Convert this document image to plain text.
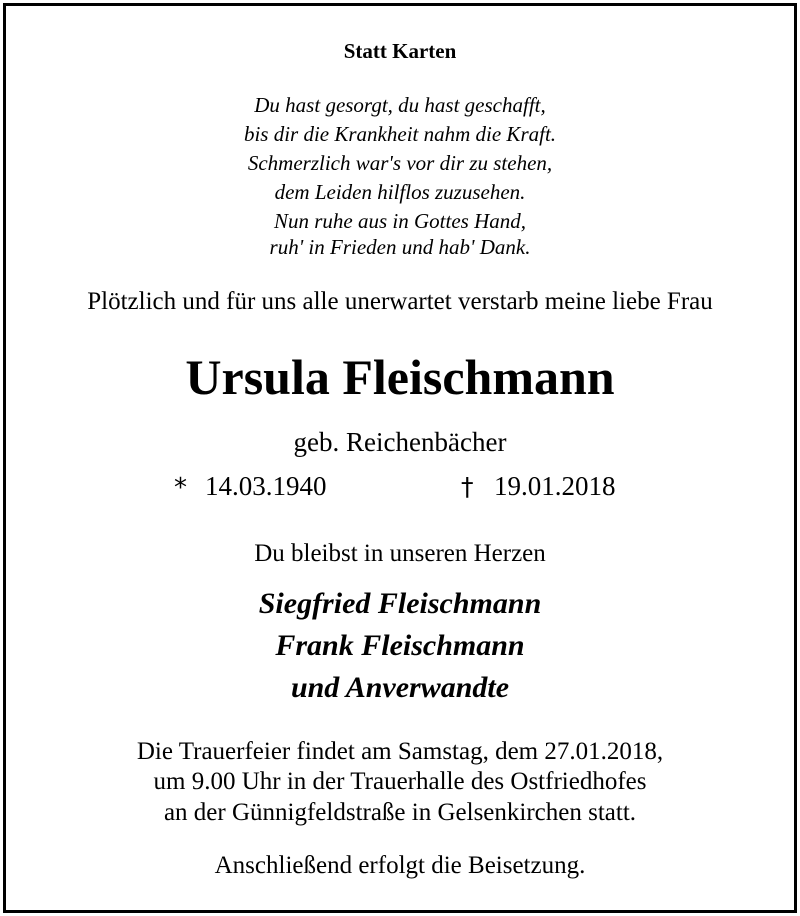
Statt Karten
Du hast gesorgt, du hast geschafft,
bis dir die Krankheit nahm die Kraft.
Schmerzlich war's vor dir zu stehen,
dem Leiden hilflos zuzusehen.
Nun ruhe aus in Gottes Hand,
ruh' in Frieden und hab' Dank.
Plötzlich und für uns alle unerwartet verstarb meine liebe Frau
Ursula Fleischmann
geb. Reichenbächer
* 14.03.1940	† 19.01.2018
Du bleibst in unseren Herzen
Siegfried Fleischmann
Frank Fleischmann
und Anverwandte
Die Trauerfeier findet am Samstag, dem 27.01.2018,
um 9.00 Uhr in der Trauerhalle des Ostfriedhofes
an der Günnigfeldstraße in Gelsenkirchen statt.
Anschließend erfolgt die Beisetzung.
